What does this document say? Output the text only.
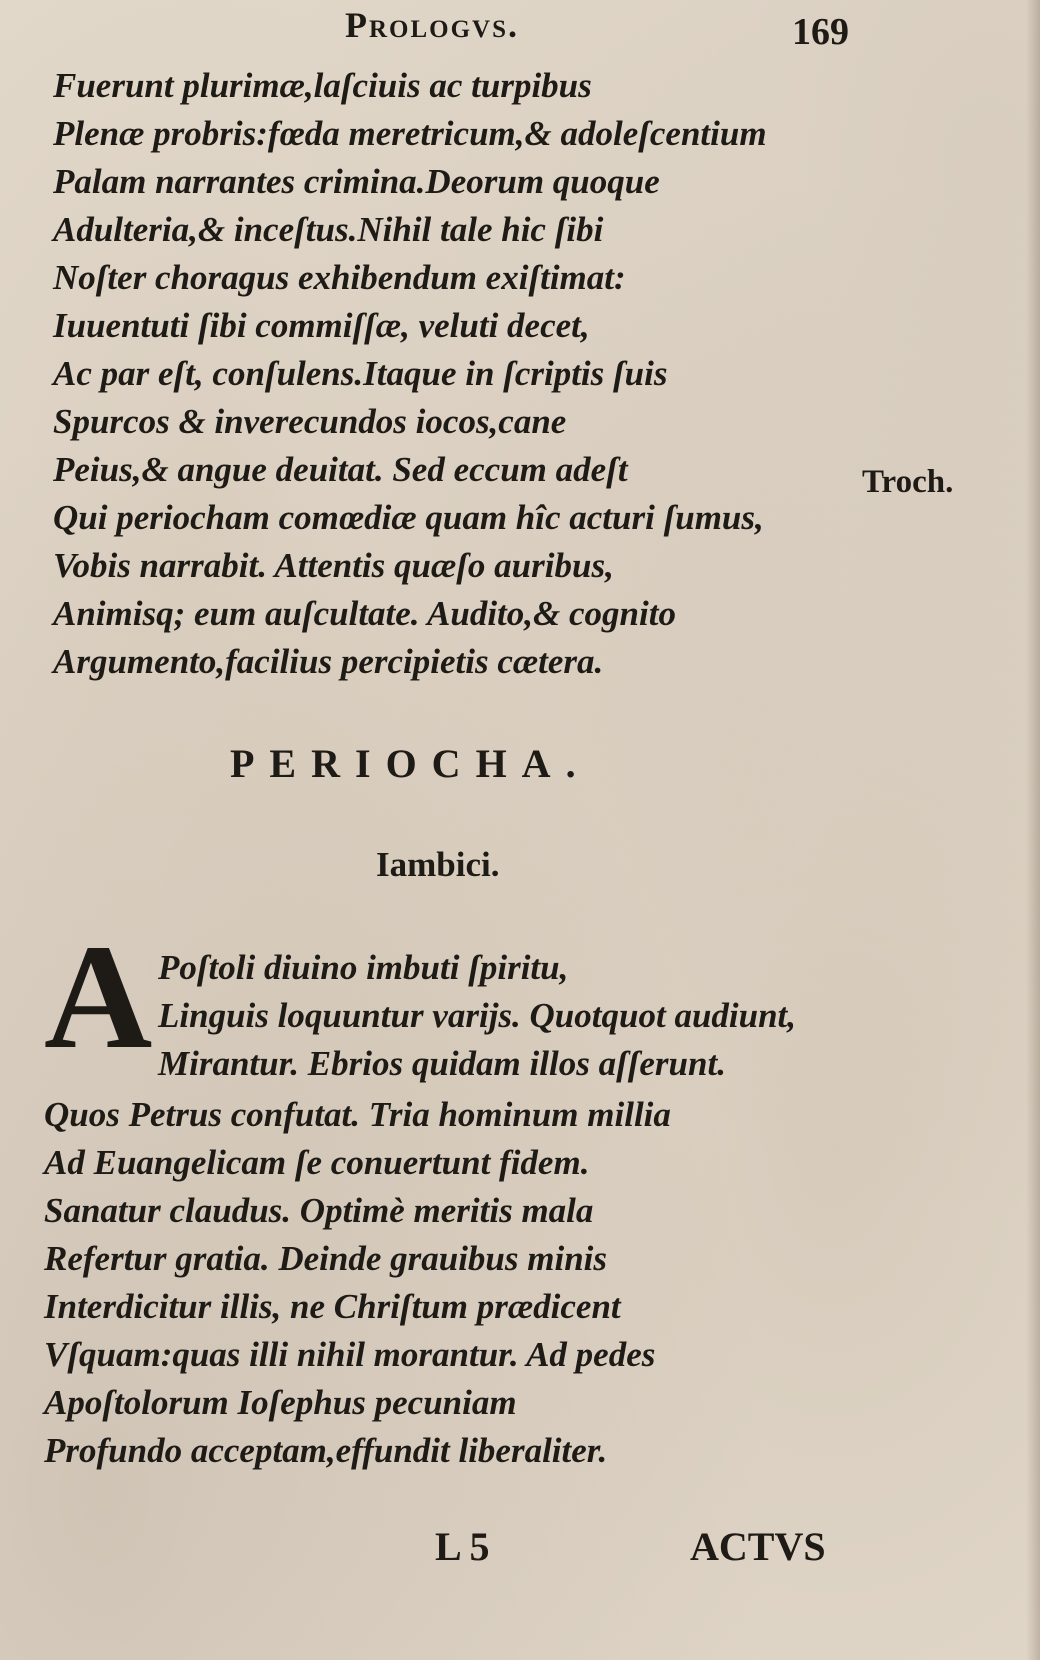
Prologvs.	169
Fuerunt plurimæ,laſciuis ac turpibus
Plenæ probris:fœda meretricum,& adoleſcentium
Palam narrantes crimina.Deorum quoque
Adulteria,& inceſtus.Nihil tale hic ſibi
Noſter choragus exhibendum exiſtimat:
Iuuentuti ſibi commiſſæ, veluti decet,
Ac par eſt, conſulens.Itaque in ſcriptis ſuis
Spurcos & inverecundos iocos,cane
Peius,& angue deuitat. Sed eccum adeſt
Qui periocham comœdiæ quam hîc acturi ſumus,
Vobis narrabit. Attentis quæſo auribus,
Animisq; eum auſcultate. Audito,& cognito
Argumento,facilius percipietis cætera.
Troch.
PERIOCHA.
Iambici.
A Poſtoli diuino imbuti ſpiritu,
Linguis loquuntur varijs. Quotquot audiunt,
Mirantur. Ebrios quidam illos aſſerunt.
Quos Petrus confutat. Tria hominum millia
Ad Euangelicam ſe conuertunt fidem.
Sanatur claudus. Optimè meritis mala
Refertur gratia. Deinde grauibus minis
Interdicitur illis, ne Chriſtum prædicent
Vſquam:quas illi nihil morantur. Ad pedes
Apoſtolorum Ioſephus pecuniam
Profundo acceptam,effundit liberaliter.
L 5	ACTVS
